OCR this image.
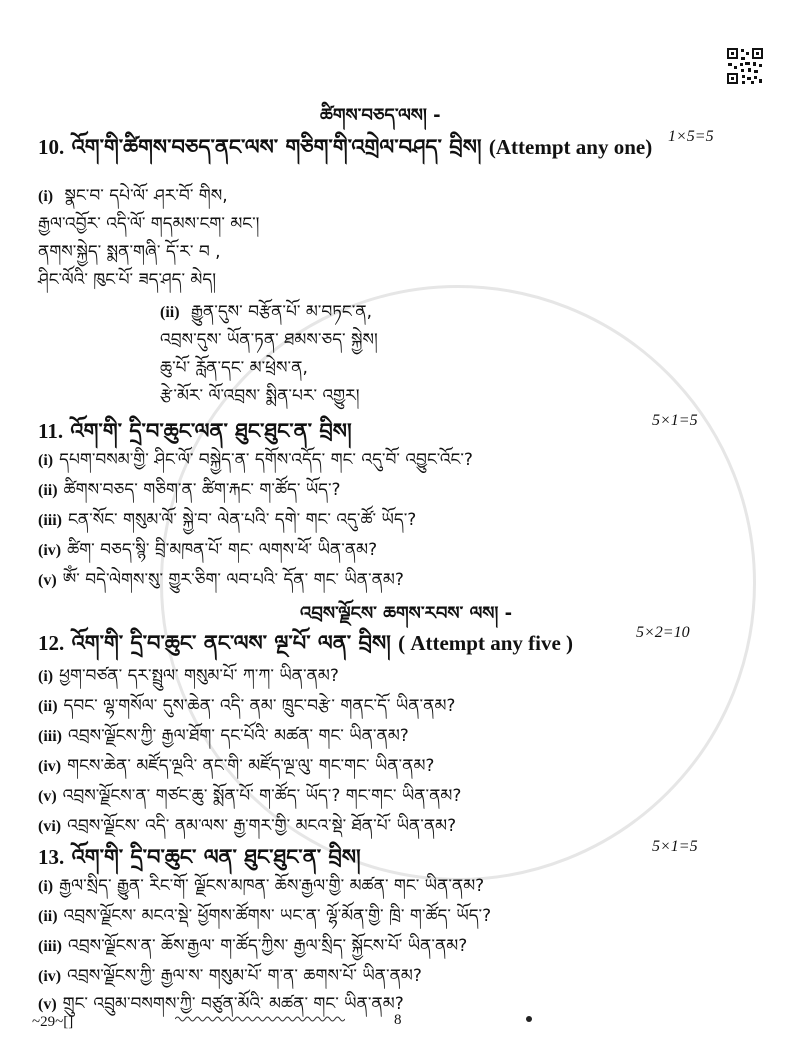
ཚིགས་བཅད་ལས། -
10. འོག་གི་ཚིགས་བཅད་ནང་ལས་ གཅིག་གི་འགྲེལ་བཤད་ བྲིས། (Attempt any one) 1×5=5
(i) སྣང་བ་ དཔེ་ལོ་ ཤར་བོ་ གིས,
རྒྱལ་འབྱོར་ འདི་ལོ་ གདམས་ངག་ མང་།
ནགས་སྐྱེད་ སྨན་གཞི་ དོ་ར་ བ ,
ཤིང་ལོའི་ ཁུང་པོ་ ཟད་ཤད་ མེད།
(ii) རྒྱུན་དུས་ བརྩོན་པོ་ མ་བཏང་ན,
འབྲས་དུས་ ཡོན་ཏན་ ཐམས་ཅད་ སྐྱེས།
ཆུ་པོ་ རློན་དང་ མ་ཕྲེས་ན,
རྩེ་མོར་ ལོ་འབྲས་ སྨིན་པར་ འགྱུར།
11. འོག་གི་ དྲི་བ་ཆུང་ལན་ ཐུང་ཐུང་ན་ བྲིས།	5×1=5
(i) དཔག་བསམ་གྱི་ ཤིང་ལོ་ བསྐྱེད་ན་ དགོས་འདོད་ གང་ འདུ་བོ་ འབྱུང་འོང་?
(ii) ཚིགས་བཅད་ གཅིག་ན་ ཚིག་རྐང་ ག་ཚོད་ ཡོད་?
(iii) ངན་སོང་ གསུམ་ལོ་ སྐྱེ་བ་ ལེན་པའི་ དགེ་ གང་ འདུ་ཚོ་ ཡོད་?
(iv) ཚིག་ བཅད་སྙི་ བྲི་མཁན་པོ་ གང་ ལགས་ཕོ་ ཡིན་ནམ?
(v) ཨོཾ་ བདེ་ལེགས་སུ་ གྱུར་ཅིག་ ལབ་པའི་ དོན་ གང་ ཡིན་ནམ?
འབྲས་ལྗོངས་ ཆགས་རབས་ ལས། -
12. འོག་གི་ དྲི་བ་ཆུང་ ནང་ལས་ ལྔ་པོ་ ལན་ བྲིས། ( Attempt any five )	5×2=10
(i) ཕྱག་བཙན་ དར་སྤྲུལ་ གསུམ་པོ་ ཀ་ཀ་ ཡིན་ནམ?
(ii) དབང་ ལྷ་གསོལ་ དུས་ཆེན་ འདི་ ནམ་ ཁྲུང་བརྩེ་ གནང་དོ་ ཡིན་ནམ?
(iii) འབྲས་ལྗོངས་ཀྱི་ རྒྱལ་ཐོག་ དང་པོའི་ མཚན་ གང་ ཡིན་ནམ?
(iv) གངས་ཆེན་ མཛོད་ལྔའི་ ནང་གི་ མཛོད་ལྔ་ལུ་ གང་གང་ ཡིན་ནམ?
(v) འབྲས་ལྗོངས་ན་ གཙང་ཆུ་ སྨོན་པོ་ ག་ཚོད་ ཡོད་? གང་གང་ ཡིན་ནམ?
(vi) འབྲས་ལྗོངས་ འདི་ ནམ་ལས་ རྒྱ་གར་གྱི་ མངའ་སྡེ་ ཐོན་པོ་ ཡིན་ནམ?
13. འོག་གི་ དྲི་བ་ཆུང་ ལན་ ཐུང་ཐུང་ན་ བྲིས།	5×1=5
(i) རྒྱལ་སྲིད་ རྒྱུན་ རིང་གོ་ ལྗོངས་མཁན་ ཆོས་རྒྱལ་གྱི་ མཚན་ གང་ ཡིན་ནམ?
(ii) འབྲས་ལྗོངས་ མངའ་སྡེ་ ཕྱོགས་ཚོགས་ ཡང་ན་ ལྷོ་མོན་གྱི་ ཁྲི་ ག་ཚོད་ ཡོད་?
(iii) འབྲས་ལྗོངས་ན་ ཆོས་རྒྱལ་ ག་ཚོད་ཀྱིས་ རྒྱལ་སྲིད་ སྐྱོངས་པོ་ ཡིན་ནམ?
(iv) འབྲས་ལྗོངས་ཀྱི་ རྒྱལ་ས་ གསུམ་པོ་ ག་ན་ ཆགས་པོ་ ཡིན་ནམ?
(v) གྲུང་ འབྲུམ་བསགས་ཀྱི་ བཙུན་མོའི་ མཚན་ གང་ ཡིན་ནམ?
~29~[]	8
